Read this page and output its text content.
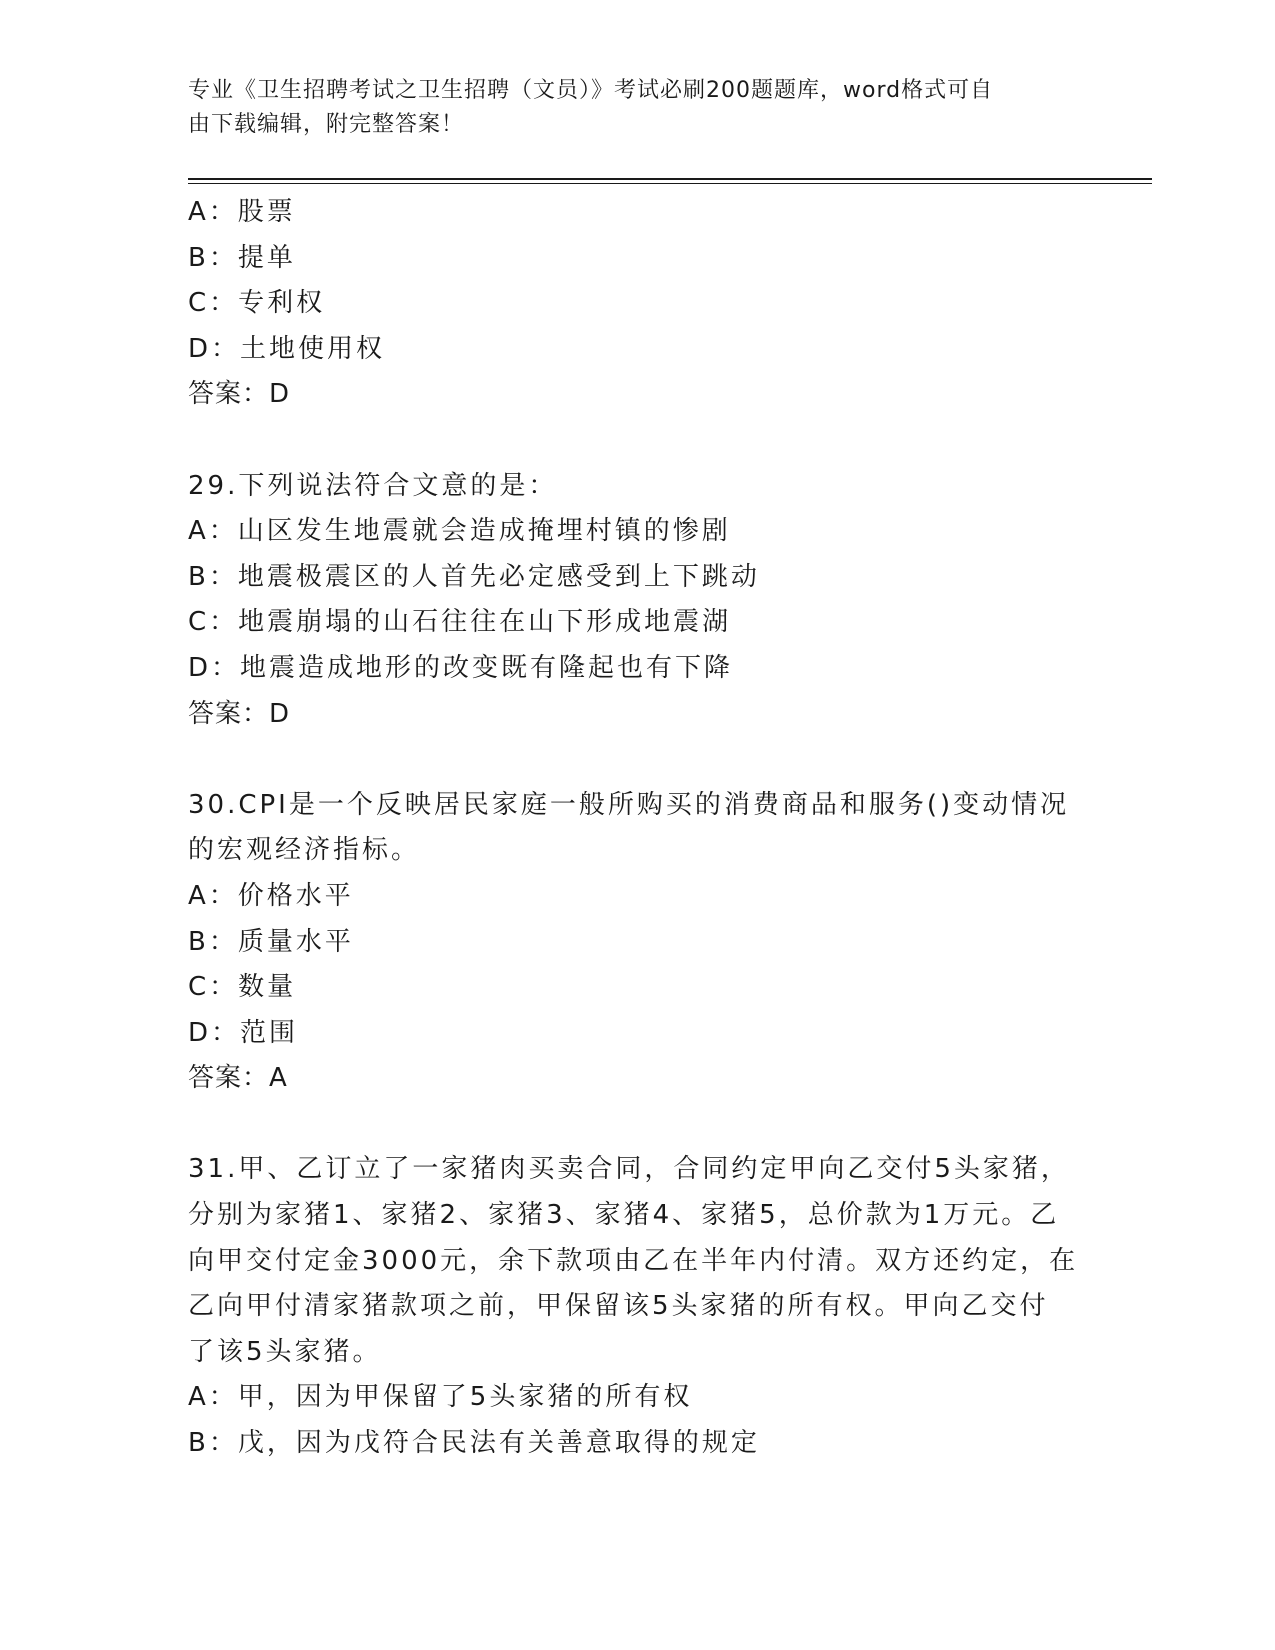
专业《卫生招聘考试之卫生招聘（文员）》考试必刷200题题库，word格式可自
由下载编辑，附完整答案！
A：股票
B：提单
C：专利权
D：土地使用权
答案：D
29.下列说法符合文意的是：
A：山区发生地震就会造成掩埋村镇的惨剧
B：地震极震区的人首先必定感受到上下跳动
C：地震崩塌的山石往往在山下形成地震湖
D：地震造成地形的改变既有隆起也有下降
答案：D
30.CPI是一个反映居民家庭一般所购买的消费商品和服务()变动情况
的宏观经济指标。
A：价格水平
B：质量水平
C：数量
D：范围
答案：A
31.甲、乙订立了一家猪肉买卖合同，合同约定甲向乙交付5头家猪，
分别为家猪1、家猪2、家猪3、家猪4、家猪5，总价款为1万元。乙
向甲交付定金3000元，余下款项由乙在半年内付清。双方还约定，在
乙向甲付清家猪款项之前，甲保留该5头家猪的所有权。甲向乙交付
了该5头家猪。
A：甲，因为甲保留了5头家猪的所有权
B：戊，因为戊符合民法有关善意取得的规定
